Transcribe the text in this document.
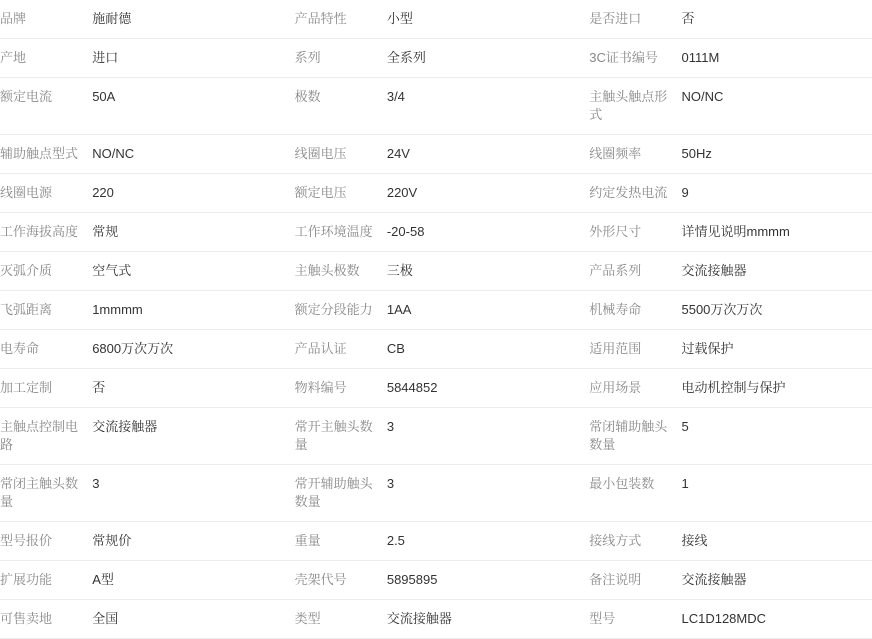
品牌	施耐德		产品特性	小型		是否进口	否
产地	进口		系列	全系列		3C证书编号	0111M
额定电流	50A		极数	3/4		主触头触点形式	NO/NC
辅助触点型式	NO/NC		线圈电压	24V		线圈频率	50Hz
线圈电源	220		额定电压	220V		约定发热电流	9
工作海拔高度	常规		工作环境温度	-20-58		外形尺寸	详情见说明mmmm
灭弧介质	空气式		主触头极数	三极		产品系列	交流接触器
飞弧距离	1mmmm		额定分段能力	1AA		机械寿命	5500万次万次
电寿命	6800万次万次		产品认证	CB		适用范围	过载保护
加工定制	否		物料编号	5844852		应用场景	电动机控制与保护
主触点控制电路	交流接触器		常开主触头数量	3		常闭辅助触头数量	5
常闭主触头数量	3		常开辅助触头数量	3		最小包装数	1
型号报价	常规价		重量	2.5		接线方式	接线
扩展功能	A型		壳架代号	5895895		备注说明	交流接触器
可售卖地	全国		类型	交流接触器		型号	LC1D128MDC
